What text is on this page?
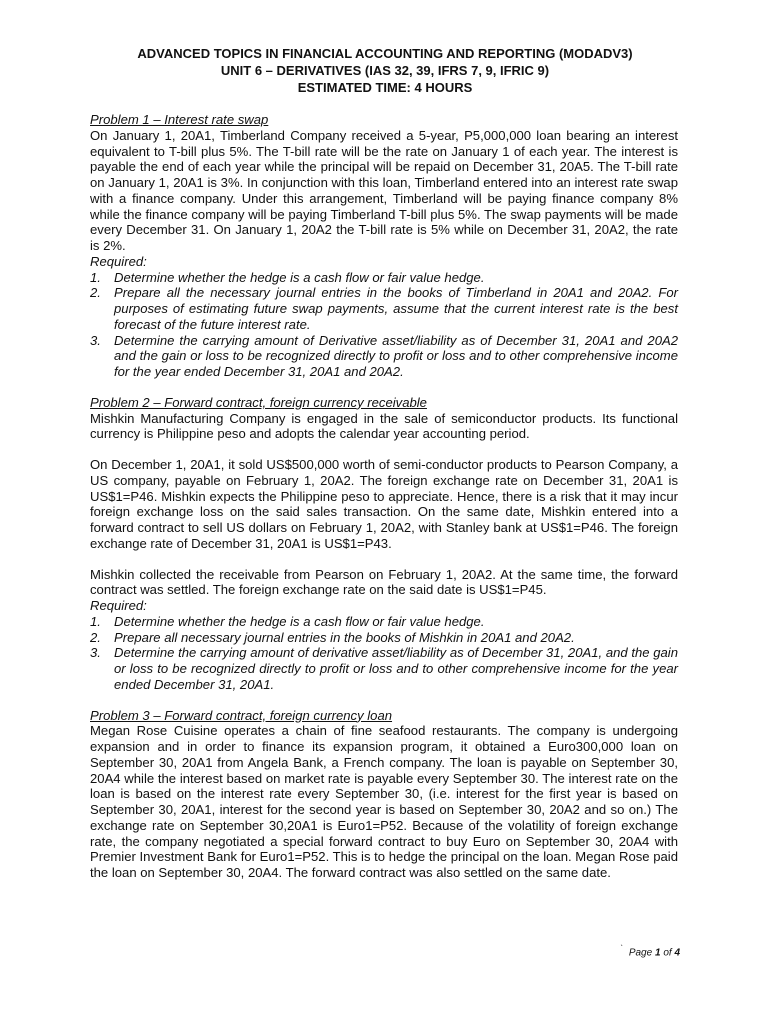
ADVANCED TOPICS IN FINANCIAL ACCOUNTING AND REPORTING (MODADV3)
UNIT 6 – DERIVATIVES (IAS 32, 39, IFRS 7, 9, IFRIC 9)
ESTIMATED TIME: 4 HOURS
Problem 1 – Interest rate swap
On January 1, 20A1, Timberland Company received a 5-year, P5,000,000 loan bearing an interest equivalent to T-bill plus 5%. The T-bill rate will be the rate on January 1 of each year. The interest is payable the end of each year while the principal will be repaid on December 31, 20A5. The T-bill rate on January 1, 20A1 is 3%. In conjunction with this loan, Timberland entered into an interest rate swap with a finance company. Under this arrangement, Timberland will be paying finance company 8% while the finance company will be paying Timberland T-bill plus 5%. The swap payments will be made every December 31. On January 1, 20A2 the T-bill rate is 5% while on December 31, 20A2, the rate is 2%.
Required:
1. Determine whether the hedge is a cash flow or fair value hedge.
2. Prepare all the necessary journal entries in the books of Timberland in 20A1 and 20A2. For purposes of estimating future swap payments, assume that the current interest rate is the best forecast of the future interest rate.
3. Determine the carrying amount of Derivative asset/liability as of December 31, 20A1 and 20A2 and the gain or loss to be recognized directly to profit or loss and to other comprehensive income for the year ended December 31, 20A1 and 20A2.
Problem 2 – Forward contract, foreign currency receivable
Mishkin Manufacturing Company is engaged in the sale of semiconductor products. Its functional currency is Philippine peso and adopts the calendar year accounting period.
On December 1, 20A1, it sold US$500,000 worth of semi-conductor products to Pearson Company, a US company, payable on February 1, 20A2. The foreign exchange rate on December 31, 20A1 is US$1=P46. Mishkin expects the Philippine peso to appreciate. Hence, there is a risk that it may incur foreign exchange loss on the said sales transaction. On the same date, Mishkin entered into a forward contract to sell US dollars on February 1, 20A2, with Stanley bank at US$1=P46. The foreign exchange rate of December 31, 20A1 is US$1=P43.
Mishkin collected the receivable from Pearson on February 1, 20A2. At the same time, the forward contract was settled. The foreign exchange rate on the said date is US$1=P45.
Required:
1. Determine whether the hedge is a cash flow or fair value hedge.
2. Prepare all necessary journal entries in the books of Mishkin in 20A1 and 20A2.
3. Determine the carrying amount of derivative asset/liability as of December 31, 20A1, and the gain or loss to be recognized directly to profit or loss and to other comprehensive income for the year ended December 31, 20A1.
Problem 3 – Forward contract, foreign currency loan
Megan Rose Cuisine operates a chain of fine seafood restaurants. The company is undergoing expansion and in order to finance its expansion program, it obtained a Euro300,000 loan on September 30, 20A1 from Angela Bank, a French company. The loan is payable on September 30, 20A4 while the interest based on market rate is payable every September 30. The interest rate on the loan is based on the interest rate every September 30, (i.e. interest for the first year is based on September 30, 20A1, interest for the second year is based on September 30, 20A2 and so on.) The exchange rate on September 30,20A1 is Euro1=P52. Because of the volatility of foreign exchange rate, the company negotiated a special forward contract to buy Euro on September 30, 20A4 with Premier Investment Bank for Euro1=P52. This is to hedge the principal on the loan. Megan Rose paid the loan on September 30, 20A4. The forward contract was also settled on the same date.
` Page 1 of 4
